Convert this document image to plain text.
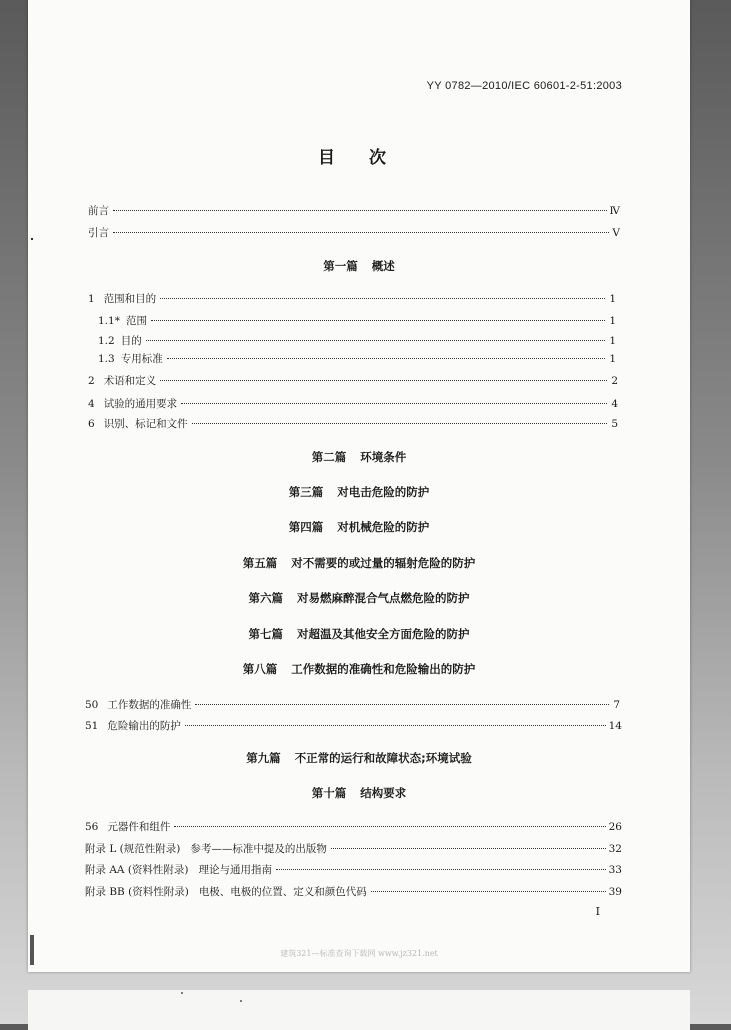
YY 0782—2010/IEC 60601-2-51:2003
目 次
前言	Ⅳ
引言	Ⅴ
第一篇 概述
1 范围和目的	1
1.1* 范围	1
1.2 目的	1
1.3 专用标准	1
2 术语和定义	2
4 试验的通用要求	4
6 识别、标记和文件	5
第二篇 环境条件
第三篇 对电击危险的防护
第四篇 对机械危险的防护
第五篇 对不需要的或过量的辐射危险的防护
第六篇 对易燃麻醉混合气点燃危险的防护
第七篇 对超温及其他安全方面危险的防护
第八篇 工作数据的准确性和危险输出的防护
50 工作数据的准确性	7
51 危险输出的防护	14
第九篇 不正常的运行和故障状态;环境试验
第十篇 结构要求
56 元器件和组件	26
附录 L (规范性附录) 参考——标准中提及的出版物	32
附录 AA (资料性附录) 理论与通用指南	33
附录 BB (资料性附录) 电极、电极的位置、定义和颜色代码	39
I
建筑321—标准查询下载网 www.jz321.net
